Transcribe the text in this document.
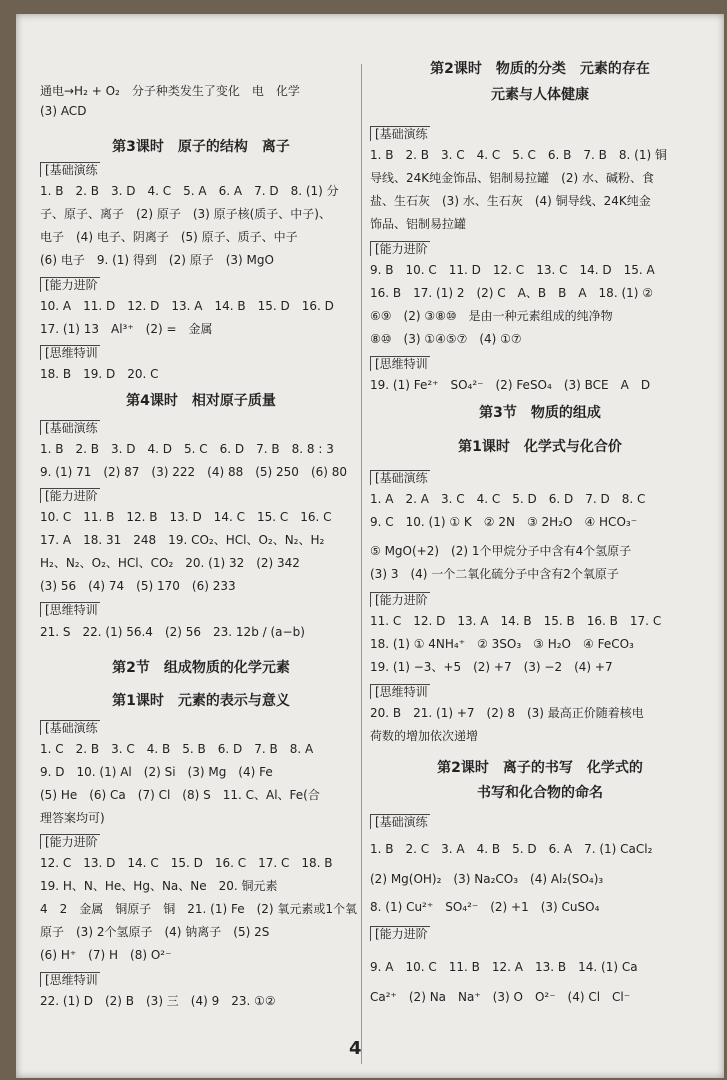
通电→H₂ + O₂　分子种类发生了变化　电　化学
(3) ACD
第3课时　原子的结构　离子
[基础演练
1. B　2. B　3. D　4. C　5. A　6. A　7. D　8. (1) 分
子、原子、离子　(2) 原子　(3) 原子核(质子、中子)、
电子　(4) 电子、阴离子　(5) 原子、质子、中子
(6) 电子　9. (1) 得到　(2) 原子　(3) MgO
[能力进阶
10. A　11. D　12. D　13. A　14. B　15. D　16. D
17. (1) 13　Al³⁺　(2) =　金属
[思维特训
18. B　19. D　20. C
第4课时　相对原子质量
[基础演练
1. B　2. B　3. D　4. D　5. C　6. D　7. B　8. 8 : 3
9. (1) 71　(2) 87　(3) 222　(4) 88　(5) 250　(6) 80
[能力进阶
10. C　11. B　12. B　13. D　14. C　15. C　16. C
17. A　18. 31　248　19. CO₂、HCl、O₂、N₂、H₂
H₂、N₂、O₂、HCl、CO₂　20. (1) 32　(2) 342
(3) 56　(4) 74　(5) 170　(6) 233
[思维特训
21. S　22. (1) 56.4　(2) 56　23. 12b / (a−b)
第2节　组成物质的化学元素
第1课时　元素的表示与意义
[基础演练
1. C　2. B　3. C　4. B　5. B　6. D　7. B　8. A
9. D　10. (1) Al　(2) Si　(3) Mg　(4) Fe
(5) He　(6) Ca　(7) Cl　(8) S　11. C、Al、Fe(合
理答案均可)
[能力进阶
12. C　13. D　14. C　15. D　16. C　17. C　18. B
19. H、N、He、Hg、Na、Ne　20. 铜元素
4　2　金属　铜原子　铜　21. (1) Fe　(2) 氧元素或1个氧
原子　(3) 2个氢原子　(4) 钠离子　(5) 2S
(6) H⁺　(7) H　(8) O²⁻
[思维特训
22. (1) D　(2) B　(3) 三　(4) 9　23. ①②
第2课时　物质的分类　元素的存在
元素与人体健康
[基础演练
1. B　2. B　3. C　4. C　5. C　6. B　7. B　8. (1) 铜
导线、24K纯金饰品、铝制易拉罐　(2) 水、碱粉、食
盐、生石灰　(3) 水、生石灰　(4) 铜导线、24K纯金
饰品、铝制易拉罐
[能力进阶
9. B　10. C　11. D　12. C　13. C　14. D　15. A
16. B　17. (1) 2　(2) C　A、B　B　A　18. (1) ②
⑥⑨　(2) ③⑧⑩　是由一种元素组成的纯净物
⑧⑩　(3) ①④⑤⑦　(4) ①⑦
[思维特训
19. (1) Fe²⁺　SO₄²⁻　(2) FeSO₄　(3) BCE　A　D
第3节　物质的组成
第1课时　化学式与化合价
[基础演练
1. A　2. A　3. C　4. C　5. D　6. D　7. D　8. C
9. C　10. (1) ① K　② 2N　③ 2H₂O　④ HCO₃⁻
⑤ MgO(+2)　(2) 1个甲烷分子中含有4个氢原子
(3) 3　(4) 一个二氧化硫分子中含有2个氧原子
[能力进阶
11. C　12. D　13. A　14. B　15. B　16. B　17. C
18. (1) ① 4NH₄⁺　② 3SO₃　③ H₂O　④ FeCO₃
19. (1) −3、+5　(2) +7　(3) −2　(4) +7
[思维特训
20. B　21. (1) +7　(2) 8　(3) 最高正价随着核电
荷数的增加依次递增
第2课时　离子的书写　化学式的
书写和化合物的命名
[基础演练
1. B　2. C　3. A　4. B　5. D　6. A　7. (1) CaCl₂
(2) Mg(OH)₂　(3) Na₂CO₃　(4) Al₂(SO₄)₃
8. (1) Cu²⁺　SO₄²⁻　(2) +1　(3) CuSO₄
[能力进阶
9. A　10. C　11. B　12. A　13. B　14. (1) Ca
Ca²⁺　(2) Na　Na⁺　(3) O　O²⁻　(4) Cl　Cl⁻
4
